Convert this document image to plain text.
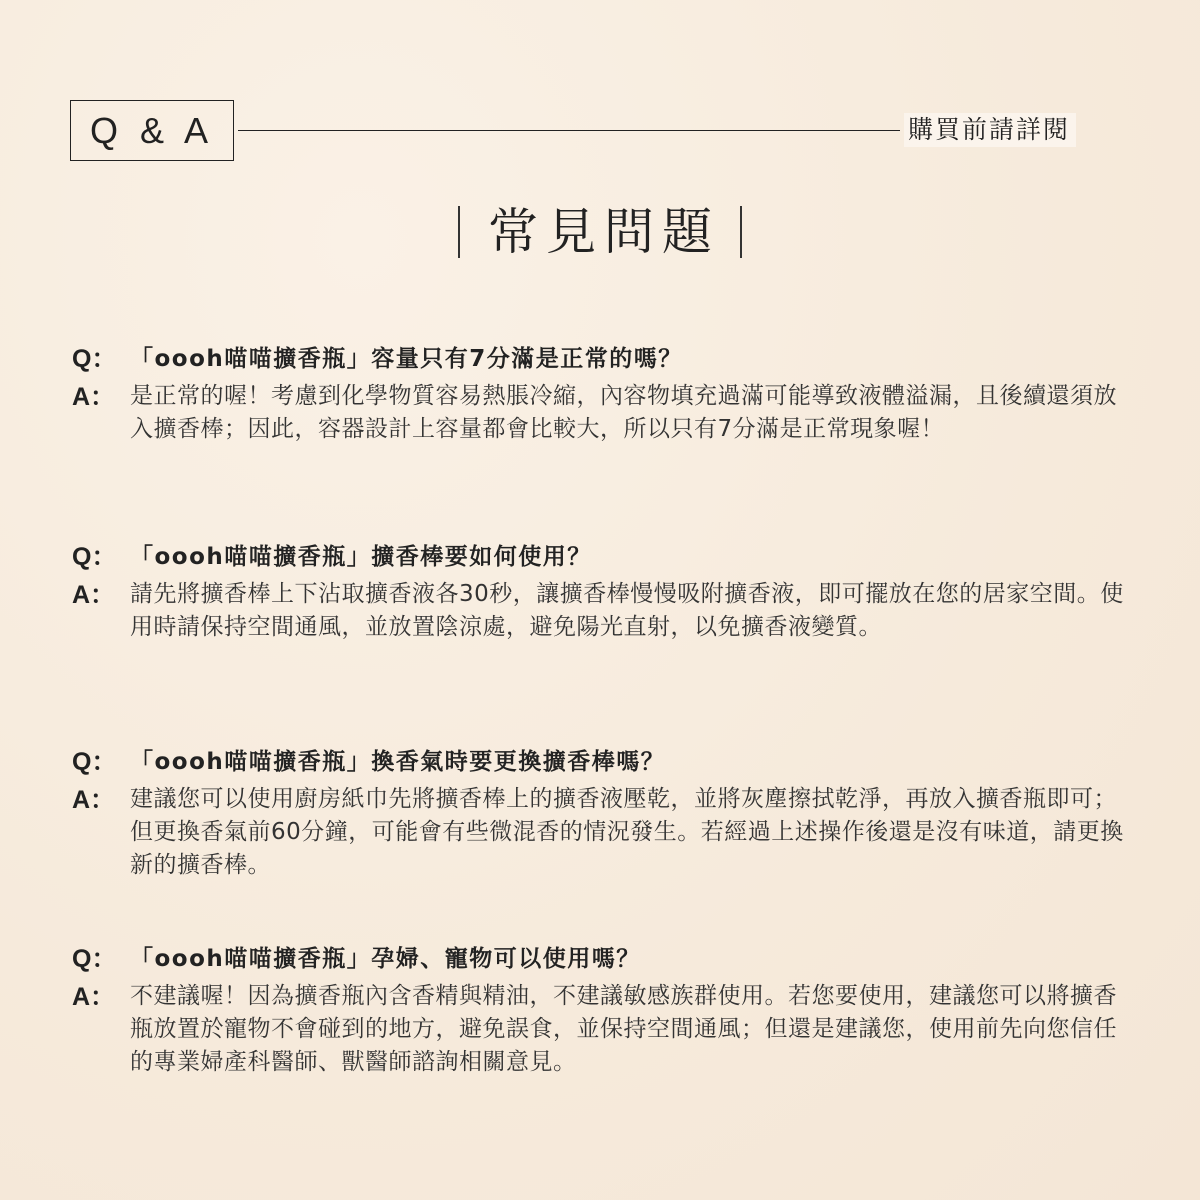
Q & A	購買前請詳閱
常見問題
Q： 「oooh喵喵擴香瓶」容量只有7分滿是正常的嗎？
A： 是正常的喔！考慮到化學物質容易熱脹冷縮，內容物填充過滿可能導致液體溢漏，且後續還須放入擴香棒；因此，容器設計上容量都會比較大，所以只有7分滿是正常現象喔！
Q： 「oooh喵喵擴香瓶」擴香棒要如何使用？
A： 請先將擴香棒上下沾取擴香液各30秒，讓擴香棒慢慢吸附擴香液，即可擺放在您的居家空間。使用時請保持空間通風，並放置陰涼處，避免陽光直射，以免擴香液變質。
Q： 「oooh喵喵擴香瓶」換香氣時要更換擴香棒嗎？
A： 建議您可以使用廚房紙巾先將擴香棒上的擴香液壓乾，並將灰塵擦拭乾淨，再放入擴香瓶即可；但更換香氣前60分鐘，可能會有些微混香的情況發生。若經過上述操作後還是沒有味道，請更換新的擴香棒。
Q： 「oooh喵喵擴香瓶」孕婦、寵物可以使用嗎？
A： 不建議喔！因為擴香瓶內含香精與精油，不建議敏感族群使用。若您要使用，建議您可以將擴香瓶放置於寵物不會碰到的地方，避免誤食，並保持空間通風；但還是建議您，使用前先向您信任的專業婦產科醫師、獸醫師諮詢相關意見。
